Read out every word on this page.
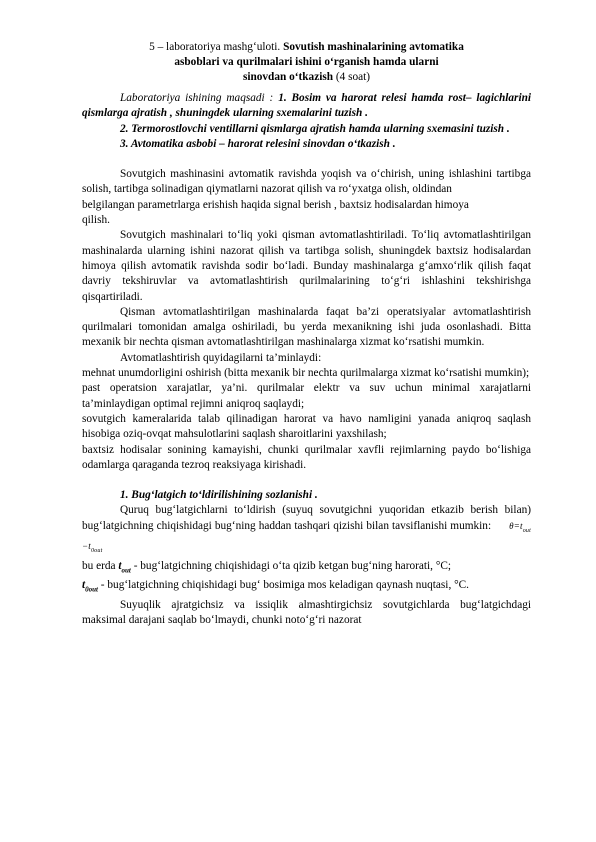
5 – laboratoriya mashg‘uloti. Sovutish mashinalarining avtomatika
asboblari va qurilmalari ishini o‘rganish hamda ularni
sinovdan o‘tkazish (4 soat)

Laboratoriya ishining maqsadi : 1. Bosim va harorat relesi hamda rost– lagichlarini qismlarga ajratish , shuningdek ularning sxemalarini tuzish .

2. Termorostlovchi ventillarni qismlarga ajratish hamda ularning sxemasini tuzish .

3. Avtomatika asbobi – harorat relesini sinovdan o‘tkazish .

Sovutgich mashinasini avtomatik ravishda yoqish va o‘chirish, uning ishlashini tartibga solish, tartibga solinadigan qiymatlarni nazorat qilish va ro‘yxatga olish, oldindan

belgilangan parametrlarga erishish haqida signal berish , baxtsiz hodisalardan himoya

qilish.

Sovutgich mashinalari to‘liq yoki qisman avtomatlashtiriladi. To‘liq avtomatlashtirilgan mashinalarda ularning ishini nazorat qilish va tartibga solish, shuningdek baxtsiz hodisalardan himoya qilish avtomatik ravishda sodir bo‘ladi. Bunday mashinalarga g‘amxo‘rlik qilish faqat davriy tekshiruvlar va avtomatlashtirish qurilmalarining to‘g‘ri ishlashini tekshirishga qisqartiriladi.

Qisman avtomatlashtirilgan mashinalarda faqat ba’zi operatsiyalar avtomatlashtirish qurilmalari tomonidan amalga oshiriladi, bu yerda mexanikning ishi juda osonlashadi. Bitta mexanik bir nechta qisman avtomatlashtirilgan mashinalarga xizmat ko‘rsatishi mumkin.

Avtomatlashtirish quyidagilarni ta’minlaydi:

mehnat unumdorligini oshirish (bitta mexanik bir nechta qurilmalarga xizmat ko‘rsatishi mumkin);

past operatsion xarajatlar, ya’ni. qurilmalar elektr va suv uchun minimal xarajatlarni ta’minlaydigan optimal rejimni aniqroq saqlaydi;

sovutgich kameralarida talab qilinadigan harorat va havo namligini yanada aniqroq saqlash hisobiga oziq-ovqat mahsulotlarini saqlash sharoitlarini yaxshilash;

baxtsiz hodisalar sonining kamayishi, chunki qurilmalar xavfli rejimlarning paydo bo‘lishiga odamlarga qaraganda tezroq reaksiyaga kirishadi.

1. Bug‘latgich to‘ldirilishining sozlanishi .

Quruq bug‘latgichlarni to‘ldirish (suyuq sovutgichni yuqoridan etkazib berish bilan) bug‘latgichning chiqishidagi bug‘ning haddan tashqari qizishi bilan tavsiflanishi mumkin: $\theta=t_{out} -t_{0out}$

bu erda $t_{out}$ - bug‘latgichning chiqishidagi o‘ta qizib ketgan bug‘ning harorati, °C;

$t_{0out}$ - bug‘latgichning chiqishidagi bug‘ bosimiga mos keladigan qaynash nuqtasi, °C.

Suyuqlik ajratgichsiz va issiqlik almashtirgichsiz sovutgichlarda bug‘latgichdagi maksimal darajani saqlab bo‘lmaydi, chunki noto‘g‘ri nazorat
